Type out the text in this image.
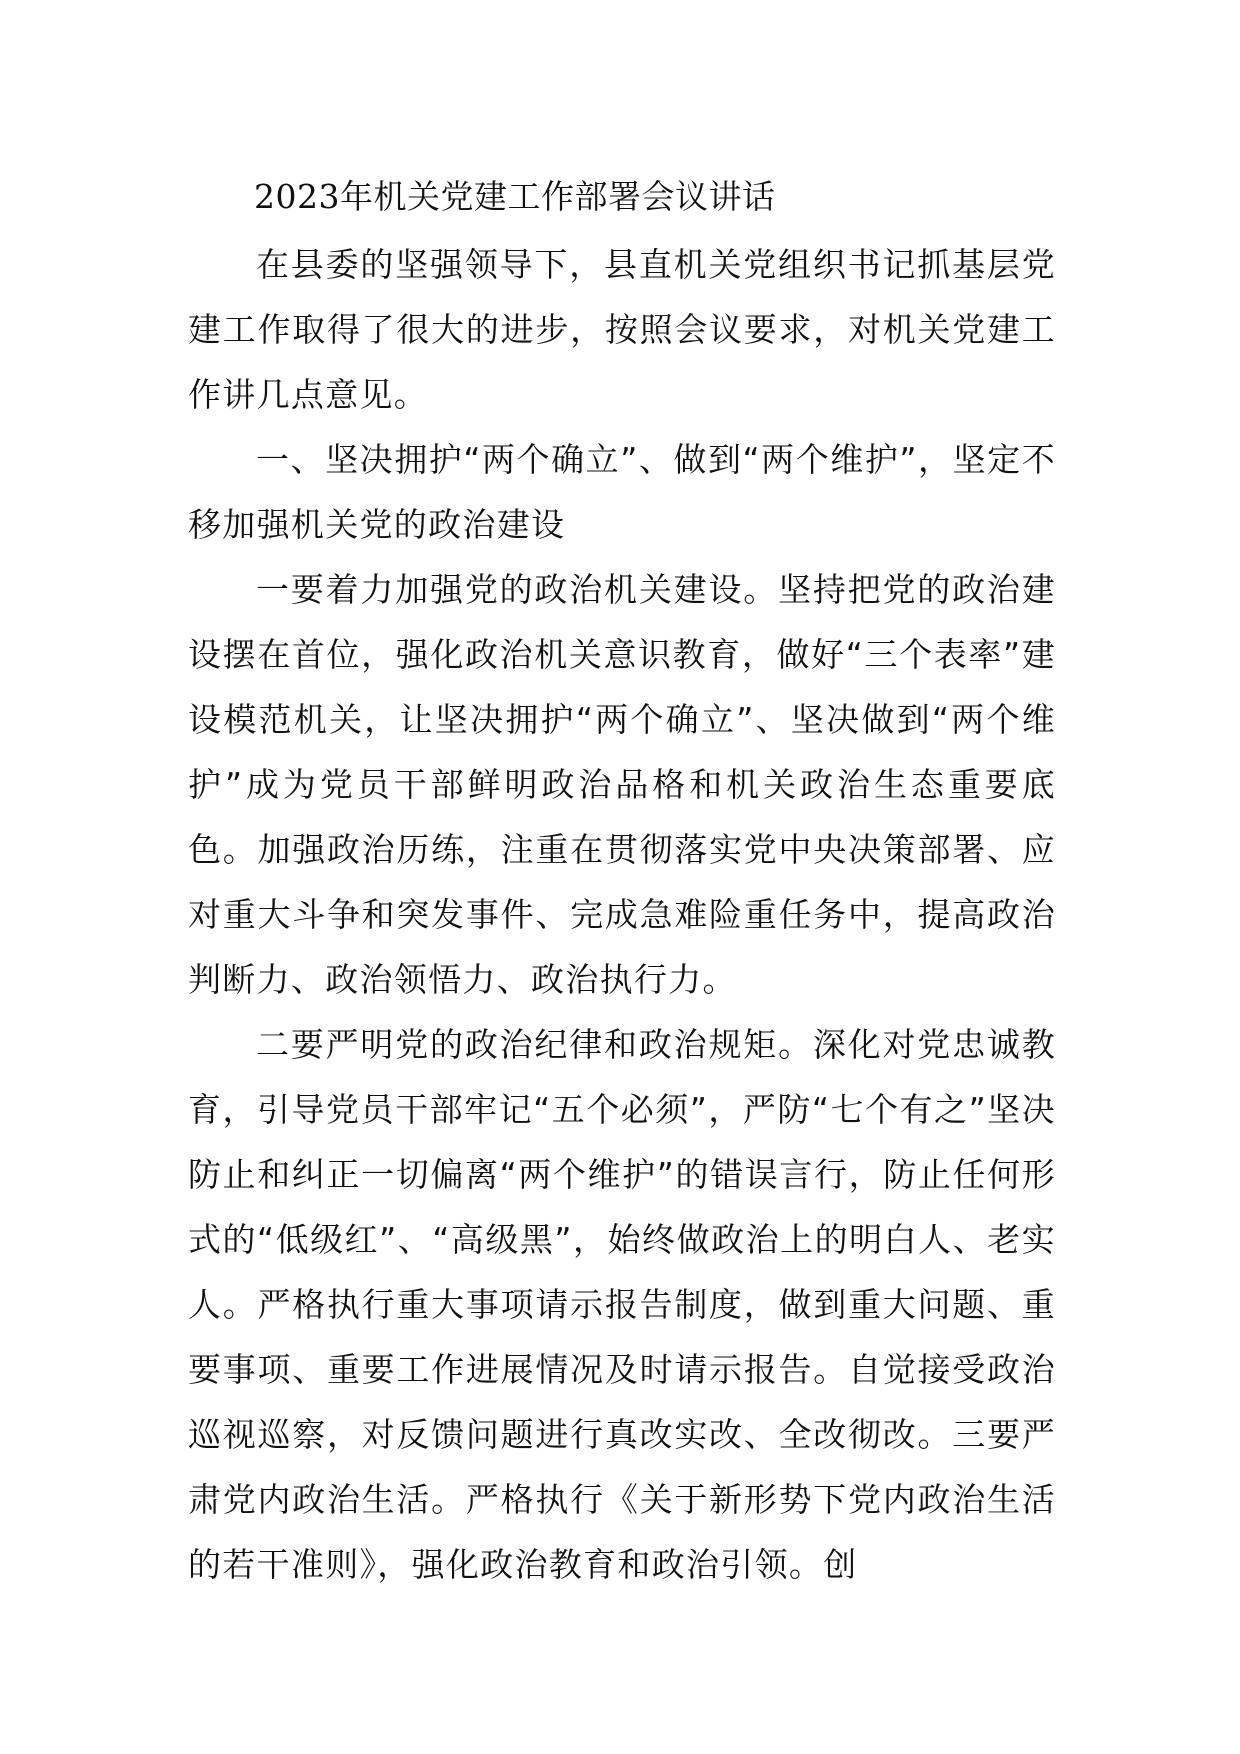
2023年机关党建工作部署会议讲话

在县委的坚强领导下，县直机关党组织书记抓基层党建工作取得了很大的进步，按照会议要求，对机关党建工作讲几点意见。

一、坚决拥护“两个确立”、做到“两个维护”，坚定不移加强机关党的政治建设

一要着力加强党的政治机关建设。坚持把党的政治建设摆在首位，强化政治机关意识教育，做好“三个表率”建设模范机关，让坚决拥护“两个确立”、坚决做到“两个维护”成为党员干部鲜明政治品格和机关政治生态重要底色。加强政治历练，注重在贯彻落实党中央决策部署、应对重大斗争和突发事件、完成急难险重任务中，提高政治判断力、政治领悟力、政治执行力。

二要严明党的政治纪律和政治规矩。深化对党忠诚教育，引导党员干部牢记“五个必须”，严防“七个有之”坚决防止和纠正一切偏离“两个维护”的错误言行，防止任何形式的“低级红”、“高级黑”，始终做政治上的明白人、老实人。严格执行重大事项请示报告制度，做到重大问题、重要事项、重要工作进展情况及时请示报告。自觉接受政治巡视巡察，对反馈问题进行真改实改、全改彻改。三要严肃党内政治生活。严格执行《关于新形势下党内政治生活的若干准则》，强化政治教育和政治引领。创
